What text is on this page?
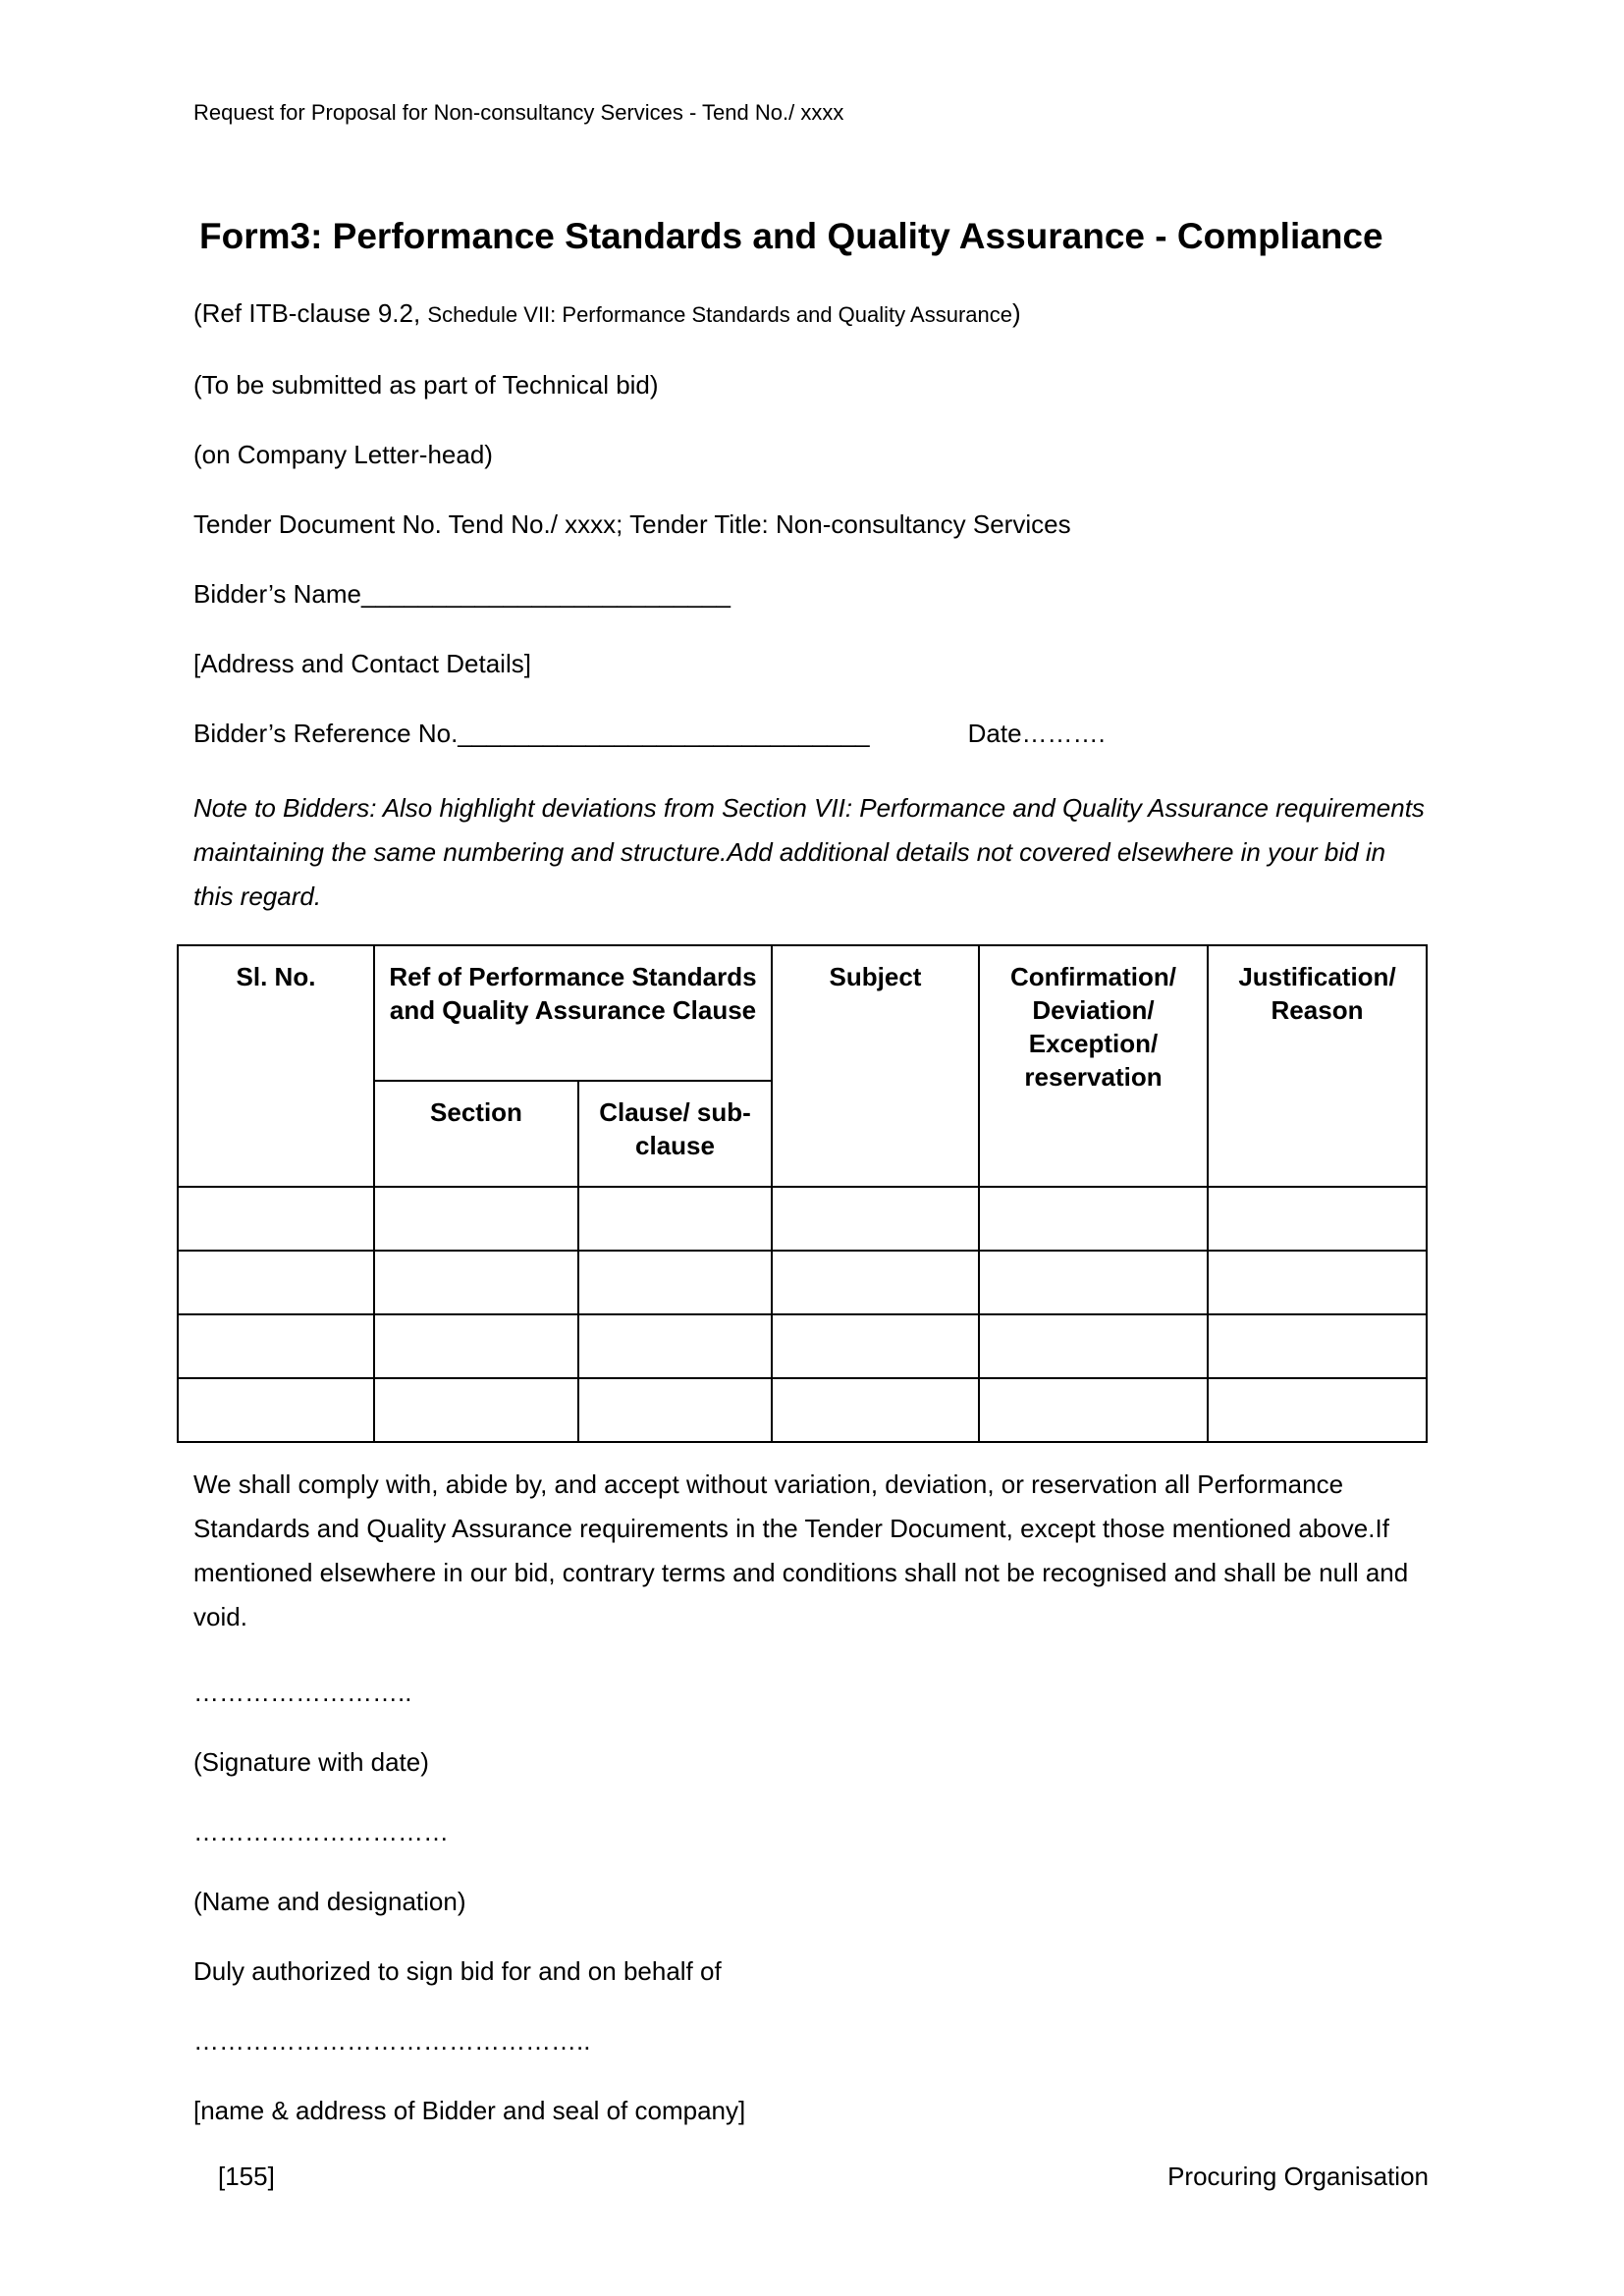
Request for Proposal for Non-consultancy Services - Tend No./ xxxx
Form3: Performance Standards and Quality Assurance - Compliance

(Ref ITB-clause 9.2, Schedule VII: Performance Standards and Quality Assurance)

(To be submitted as part of Technical bid)

(on Company Letter-head)

Tender Document No. Tend No./ xxxx; Tender Title: Non-consultancy Services

Bidder’s Name__________________________

[Address and Contact Details]

Bidder’s Reference No._____________________________	Date……….

Note to Bidders: Also highlight deviations from Section VII: Performance and Quality Assurance requirements maintaining the same numbering and structure.Add additional details not covered elsewhere in your bid in this regard.

Sl. No.	Ref of Performance Standards and Quality Assurance Clause		Subject	Confirmation/ Deviation/ Exception/ reservation	Justification/ Reason
	Section	Clause/ sub-clause			

We shall comply with, abide by, and accept without variation, deviation, or reservation all Performance Standards and Quality Assurance requirements in the Tender Document, except those mentioned above.If mentioned elsewhere in our bid, contrary terms and conditions shall not be recognised and shall be null and void.

……………………..

(Signature with date)

…………………………

(Name and designation)

Duly authorized to sign bid for and on behalf of

………………………………………..

[name & address of Bidder and seal of company]

[155]	Procuring Organisation
